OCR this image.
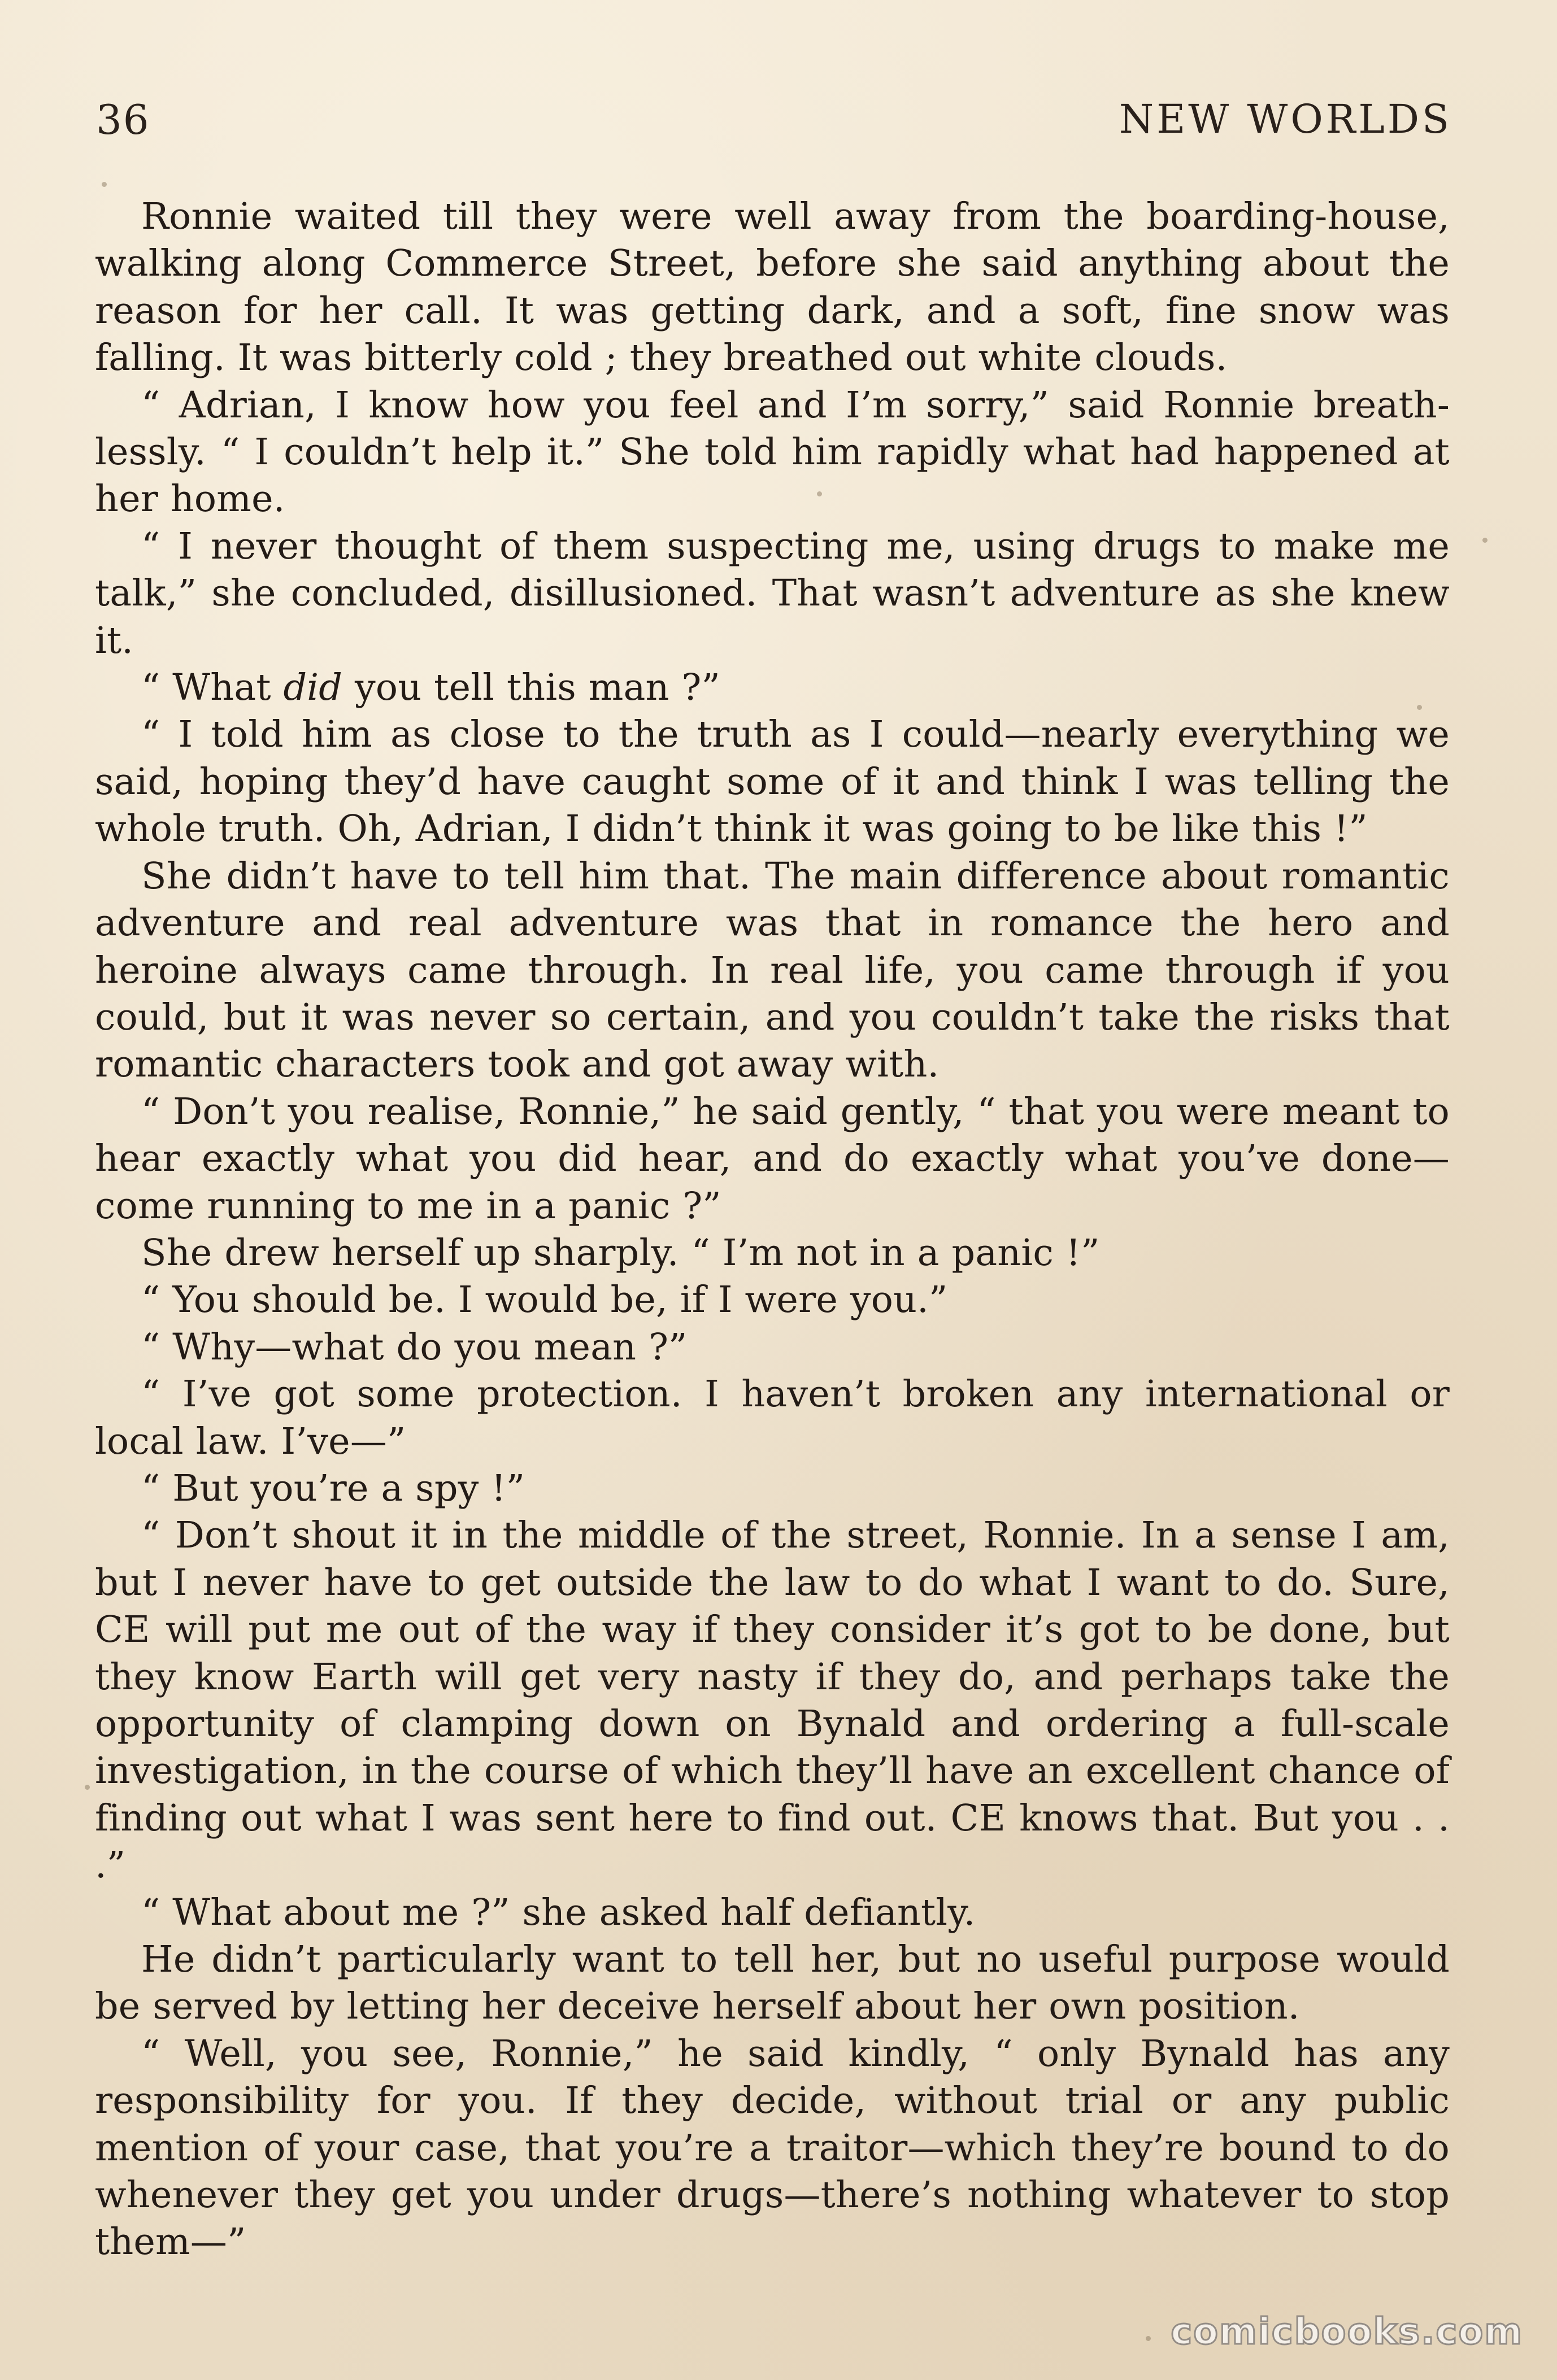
36	NEW WORLDS

Ronnie waited till they were well away from the boarding-house, walking along Commerce Street, before she said anything about the reason for her call. It was getting dark, and a soft, fine snow was falling. It was bitterly cold ; they breathed out white clouds.

“ Adrian, I know how you feel and I’m sorry,” said Ronnie breath-lessly. “ I couldn’t help it.” She told him rapidly what had happened at her home.

“ I never thought of them suspecting me, using drugs to make me talk,” she concluded, disillusioned. That wasn’t adventure as she knew it.

“ What did you tell this man ?”

“ I told him as close to the truth as I could—nearly everything we said, hoping they’d have caught some of it and think I was telling the whole truth. Oh, Adrian, I didn’t think it was going to be like this !”

She didn’t have to tell him that. The main difference about romantic adventure and real adventure was that in romance the hero and heroine always came through. In real life, you came through if you could, but it was never so certain, and you couldn’t take the risks that romantic characters took and got away with.

“ Don’t you realise, Ronnie,” he said gently, “ that you were meant to hear exactly what you did hear, and do exactly what you’ve done—come running to me in a panic ?”

She drew herself up sharply. “ I’m not in a panic !”

“ You should be. I would be, if I were you.”

“ Why—what do you mean ?”

“ I’ve got some protection. I haven’t broken any international or local law. I’ve—”

“ But you’re a spy !”

“ Don’t shout it in the middle of the street, Ronnie. In a sense I am, but I never have to get outside the law to do what I want to do. Sure, CE will put me out of the way if they consider it’s got to be done, but they know Earth will get very nasty if they do, and perhaps take the opportunity of clamping down on Bynald and ordering a full-scale investigation, in the course of which they’ll have an excellent chance of finding out what I was sent here to find out. CE knows that. But you . . .”

“ What about me ?” she asked half defiantly.

He didn’t particularly want to tell her, but no useful purpose would be served by letting her deceive herself about her own position.

“ Well, you see, Ronnie,” he said kindly, “ only Bynald has any responsibility for you. If they decide, without trial or any public mention of your case, that you’re a traitor—which they’re bound to do whenever they get you under drugs—there’s nothing whatever to stop them—”

comicbooks.com
